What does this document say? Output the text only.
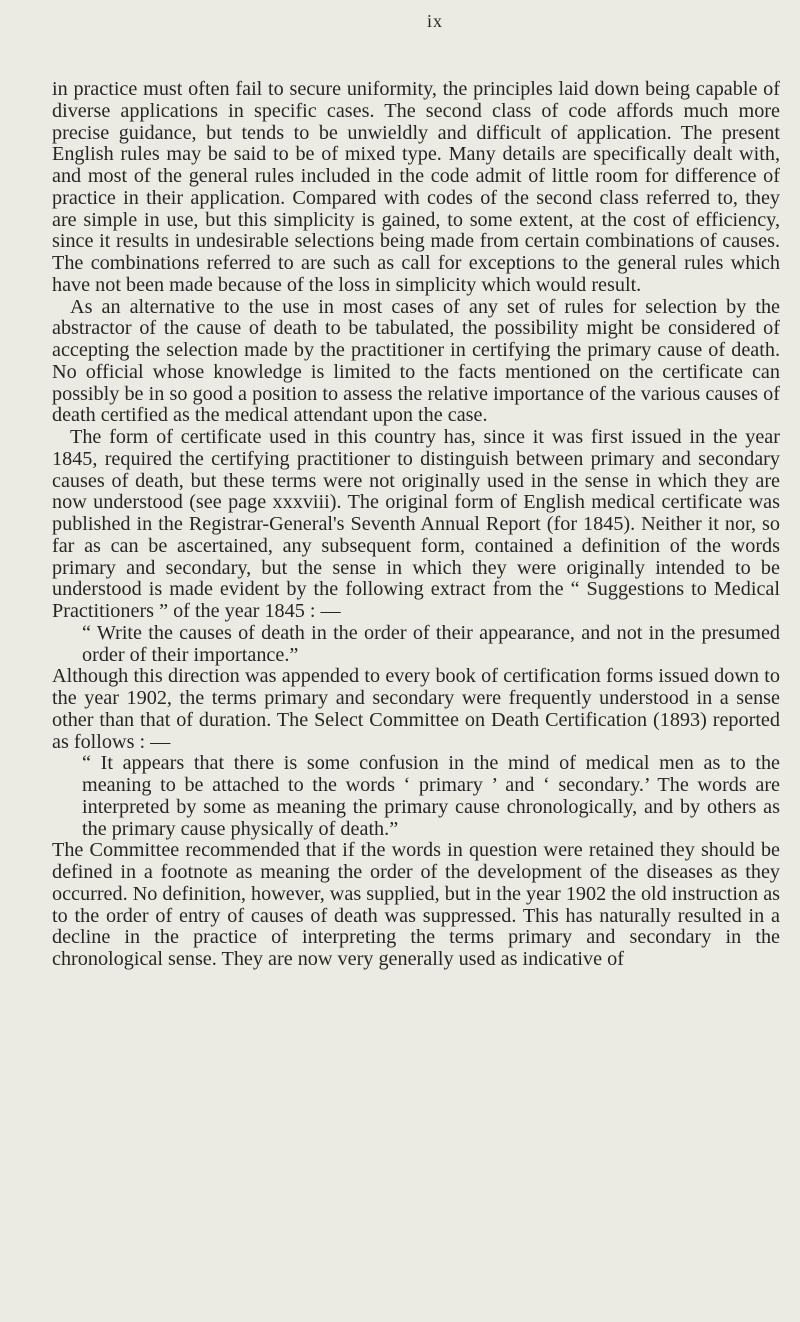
ix

in practice must often fail to secure uniformity, the principles laid down being capable of diverse applications in specific cases. The second class of code affords much more precise guidance, but tends to be unwieldly and difficult of application. The present English rules may be said to be of mixed type. Many details are specifically dealt with, and most of the general rules included in the code admit of little room for difference of practice in their application. Compared with codes of the second class referred to, they are simple in use, but this simplicity is gained, to some extent, at the cost of efficiency, since it results in undesirable selections being made from certain combinations of causes. The combinations referred to are such as call for exceptions to the general rules which have not been made because of the loss in simplicity which would result.

As an alternative to the use in most cases of any set of rules for selection by the abstractor of the cause of death to be tabulated, the possibility might be considered of accepting the selection made by the practitioner in certifying the primary cause of death. No official whose knowledge is limited to the facts mentioned on the certificate can possibly be in so good a position to assess the relative importance of the various causes of death certified as the medical attendant upon the case.

The form of certificate used in this country has, since it was first issued in the year 1845, required the certifying practitioner to distinguish between primary and secondary causes of death, but these terms were not originally used in the sense in which they are now understood (see page xxxviii). The original form of English medical certificate was published in the Registrar-General's Seventh Annual Report (for 1845). Neither it nor, so far as can be ascertained, any subsequent form, contained a definition of the words primary and secondary, but the sense in which they were originally intended to be understood is made evident by the following extract from the “ Suggestions to Medical Practitioners ” of the year 1845 : —

“ Write the causes of death in the order of their appearance, and not in the presumed order of their importance.”

Although this direction was appended to every book of certification forms issued down to the year 1902, the terms primary and secondary were frequently understood in a sense other than that of duration. The Select Committee on Death Certification (1893) reported as follows : —

“ It appears that there is some confusion in the mind of medical men as to the meaning to be attached to the words ‘ primary ’ and ‘ secondary.’ The words are interpreted by some as meaning the primary cause chronologically, and by others as the primary cause physically of death.”

The Committee recommended that if the words in question were retained they should be defined in a footnote as meaning the order of the development of the diseases as they occurred. No definition, however, was supplied, but in the year 1902 the old instruction as to the order of entry of causes of death was suppressed. This has naturally resulted in a decline in the practice of interpreting the terms primary and secondary in the chronological sense. They are now very generally used as indicative of
